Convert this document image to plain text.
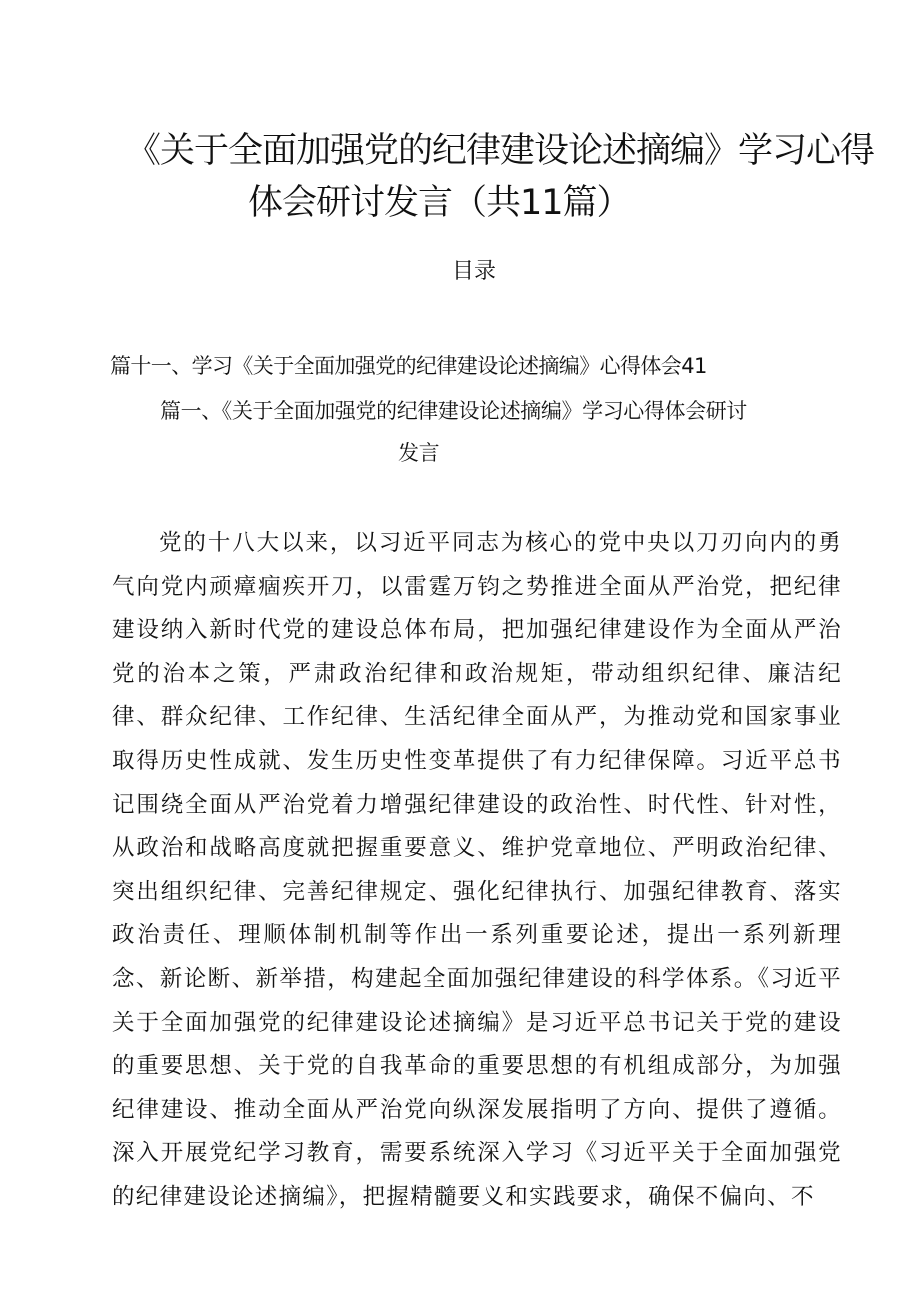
《关于全面加强党的纪律建设论述摘编》学习心得
体会研讨发言（共11篇）
目录
篇十一、学习《关于全面加强党的纪律建设论述摘编》心得体会41
篇一、《关于全面加强党的纪律建设论述摘编》学习心得体会研讨
发言

党的十八大以来，以习近平同志为核心的党中央以刀刃向内的勇气向党内顽瘴痼疾开刀，以雷霆万钧之势推进全面从严治党，把纪律建设纳入新时代党的建设总体布局，把加强纪律建设作为全面从严治党的治本之策，严肃政治纪律和政治规矩，带动组织纪律、廉洁纪律、群众纪律、工作纪律、生活纪律全面从严，为推动党和国家事业取得历史性成就、发生历史性变革提供了有力纪律保障。习近平总书记围绕全面从严治党着力增强纪律建设的政治性、时代性、针对性，从政治和战略高度就把握重要意义、维护党章地位、严明政治纪律、突出组织纪律、完善纪律规定、强化纪律执行、加强纪律教育、落实政治责任、理顺体制机制等作出一系列重要论述，提出一系列新理念、新论断、新举措，构建起全面加强纪律建设的科学体系。《习近平关于全面加强党的纪律建设论述摘编》是习近平总书记关于党的建设的重要思想、关于党的自我革命的重要思想的有机组成部分，为加强纪律建设、推动全面从严治党向纵深发展指明了方向、提供了遵循。深入开展党纪学习教育，需要系统深入学习《习近平关于全面加强党的纪律建设论述摘编》，把握精髓要义和实践要求，确保不偏向、不
